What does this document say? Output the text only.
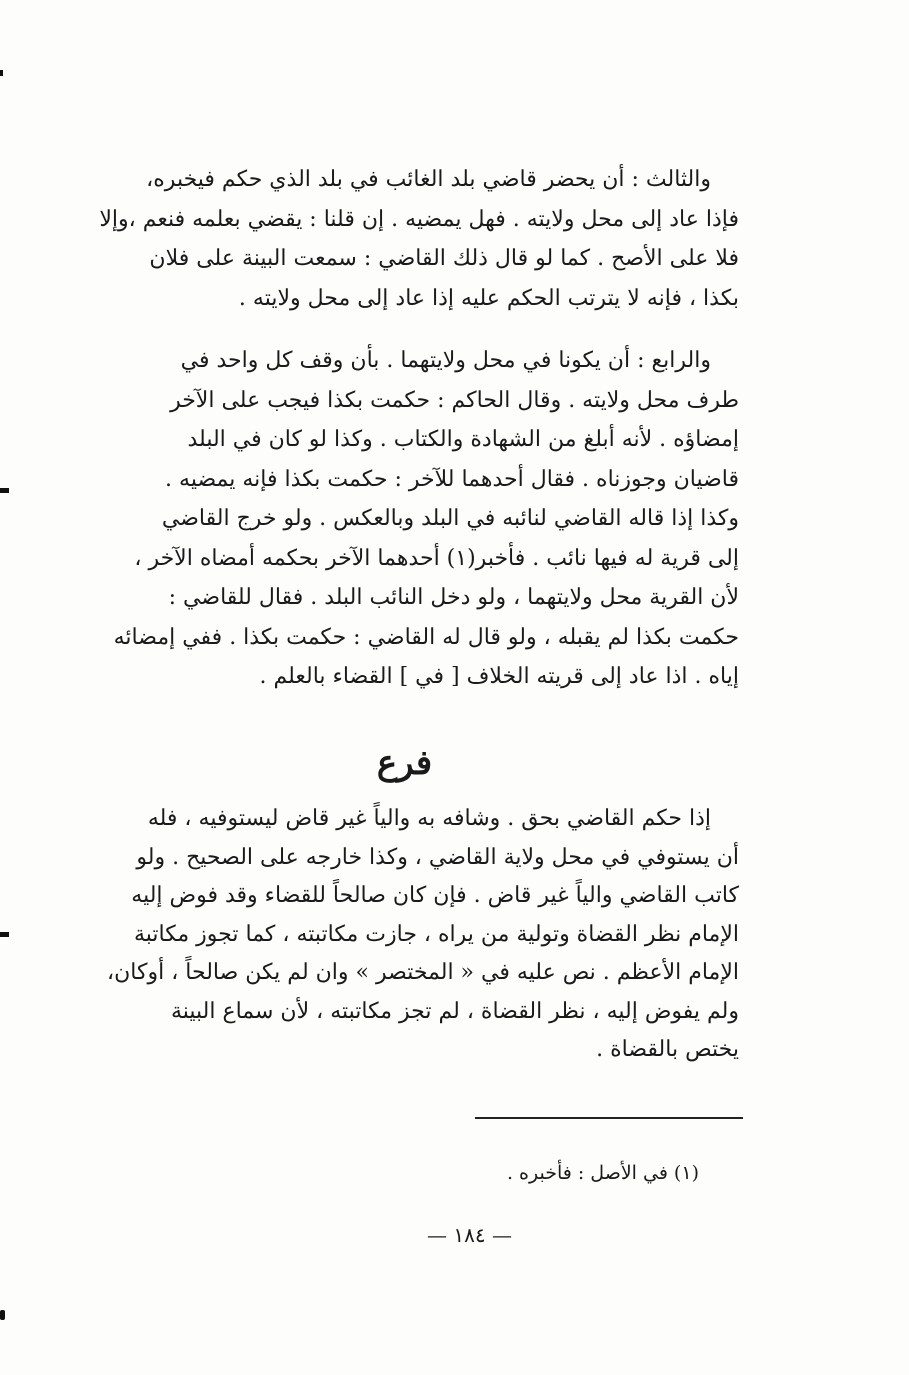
والثالث : أن يحضر قاضي بلد الغائب في بلد الذي حكم فيخبره،
فإذا عاد إلى محل ولايته . فهل يمضيه . إن قلنا : يقضي بعلمه فنعم ،وإلا
فلا على الأصح . كما لو قال ذلك القاضي : سمعت البينة على فلان
بكذا ، فإنه لا يترتب الحكم عليه إذا عاد إلى محل ولايته .
والرابع : أن يكونا في محل ولايتهما . بأن وقف كل واحد في
طرف محل ولايته . وقال الحاكم : حكمت بكذا فيجب على الآخر
إمضاؤه . لأنه أبلغ من الشهادة والكتاب . وكذا لو كان في البلد
قاضيان وجوزناه . فقال أحدهما للآخر : حكمت بكذا فإنه يمضيه .
وكذا إذا قاله القاضي لنائبه في البلد وبالعكس . ولو خرج القاضي
إلى قرية له فيها نائب . فأخبر(١) أحدهما الآخر بحكمه أمضاه الآخر ،
لأن القرية محل ولايتهما ، ولو دخل النائب البلد . فقال للقاضي :
حكمت بكذا لم يقبله ، ولو قال له القاضي : حكمت بكذا . ففي إمضائه
إياه . اذا عاد إلى قريته الخلاف [ في ] القضاء بالعلم .
فرع
إذا حكم القاضي بحق . وشافه به والياً غير قاض ليستوفيه ، فله
أن يستوفي في محل ولاية القاضي ، وكذا خارجه على الصحيح . ولو
كاتب القاضي والياً غير قاض . فإن كان صالحاً للقضاء وقد فوض إليه
الإمام نظر القضاة وتولية من يراه ، جازت مكاتبته ، كما تجوز مكاتبة
الإمام الأعظم . نص عليه في « المختصر » وان لم يكن صالحاً ، أوكان،
ولم يفوض إليه ، نظر القضاة ، لم تجز مكاتبته ، لأن سماع البينة
يختص بالقضاة .
(١) في الأصل : فأخبره .
— ١٨٤ —
